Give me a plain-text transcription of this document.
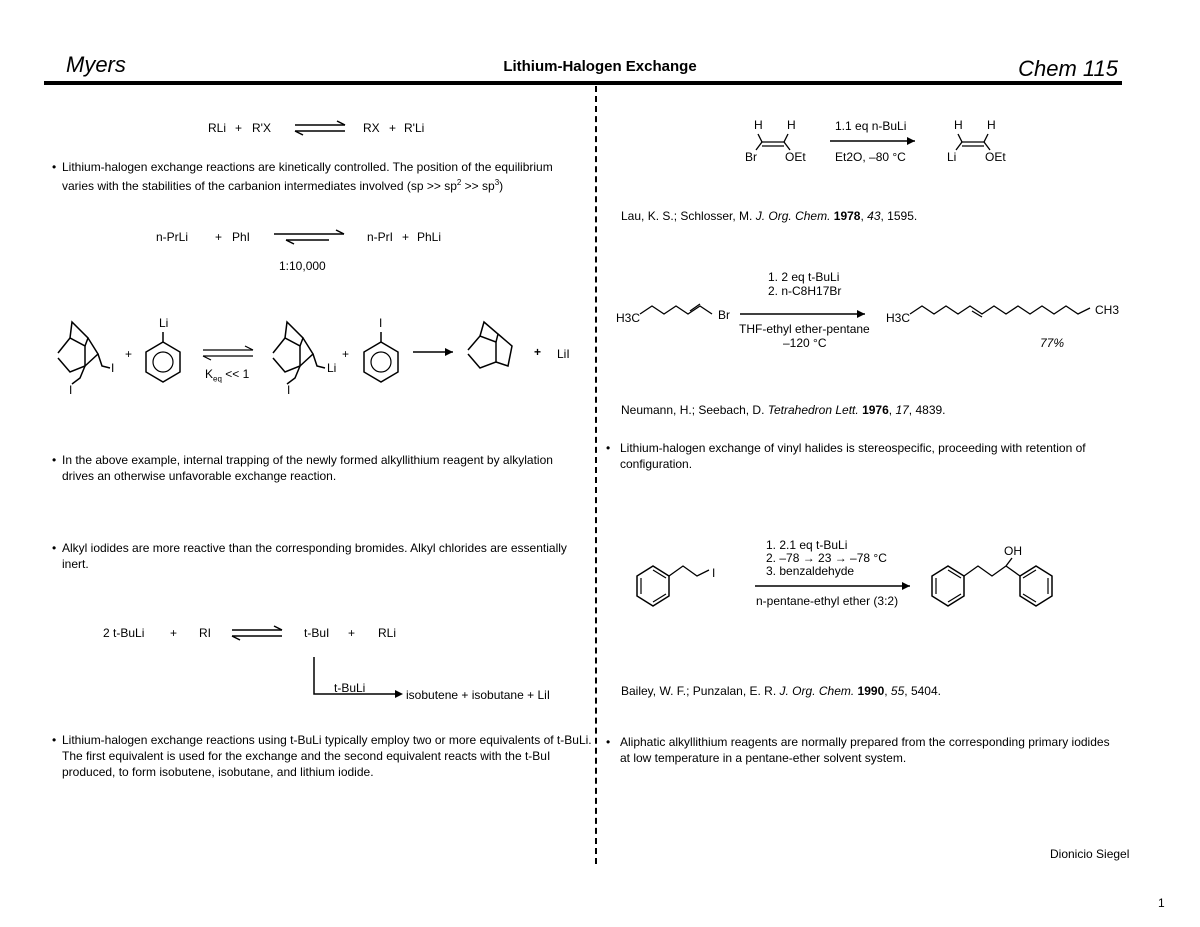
Myers	Lithium-Halogen Exchange	Chem 115
RLi + R'X	RX + R'Li
• Lithium-halogen exchange reactions are kinetically controlled. The position of the equilibrium varies with the stabilities of the carbanion intermediates involved $(sp >> sp^2 >> sp^3)$
n-PrLi + PhI	n-PrI + PhLi
1:10,000
I
I
+
Li
$K_{eq} << 1$	Li
I
+
I
+ LiI
• In the above example, internal trapping of the newly formed alkyllithium reagent by alkylation drives an otherwise unfavorable exchange reaction.
• Alkyl iodides are more reactive than the corresponding bromides. Alkyl chlorides are essentially inert.
2 t-BuLi + RI	t-BuI + RLi
t-BuLi	isobutene + isobutane + LiI
• Lithium-halogen exchange reactions using t-BuLi typically employ two or more equivalents of t-BuLi. The first equivalent is used for the exchange and the second equivalent reacts with the t-BuI produced, to form isobutene, isobutane, and lithium iodide.
H H
Br OEt
1.1 eq n-BuLi
Et2O, –80 °C
H H
Li OEt
Lau, K. S.; Schlosser, M. J. Org. Chem. 1978, 43, 1595.
1. 2 eq t-BuLi
2. n-C8H17Br
H3C	Br
THF-ethyl ether-pentane
–120 °C
H3C
CH3
77%
Neumann, H.; Seebach, D. Tetrahedron Lett. 1976, 17, 4839.
• Lithium-halogen exchange of vinyl halides is stereospecific, proceeding with retention of configuration.
1. 2.1 eq t-BuLi
2. –78 → 23 → –78 °C
3. benzaldehyde
I
n-pentane-ethyl ether (3:2)
OH
Bailey, W. F.; Punzalan, E. R. J. Org. Chem. 1990, 55, 5404.
• Aliphatic alkyllithium reagents are normally prepared from the corresponding primary iodides at low temperature in a pentane-ether solvent system.
Dionicio Siegel
1
